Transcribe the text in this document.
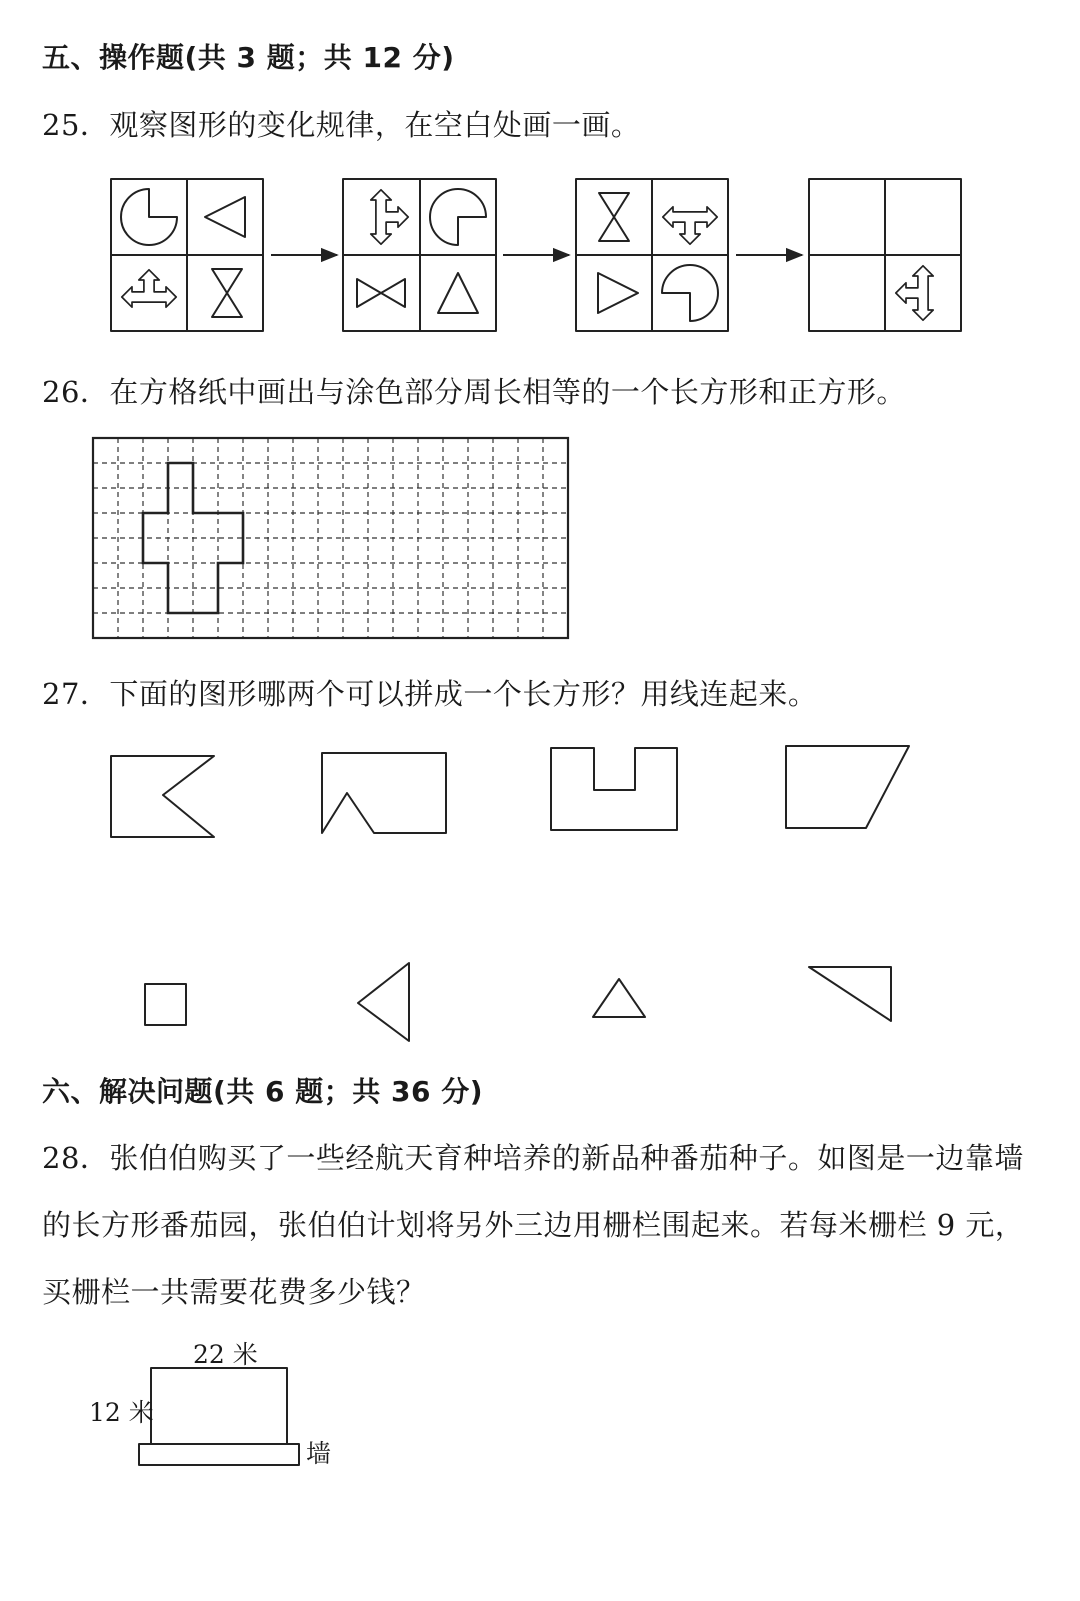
五、操作题(共 3 题；共 12 分)
25．观察图形的变化规律，在空白处画一画。
26．在方格纸中画出与涂色部分周长相等的一个长方形和正方形。
27．下面的图形哪两个可以拼成一个长方形？用线连起来。
六、解决问题(共 6 题；共 36 分)
28．张伯伯购买了一些经航天育种培养的新品种番茄种子。如图是一边靠墙
的长方形番茄园，张伯伯计划将另外三边用栅栏围起来。若每米栅栏 9 元，
买栅栏一共需要花费多少钱？
22 米
12 米
墙
